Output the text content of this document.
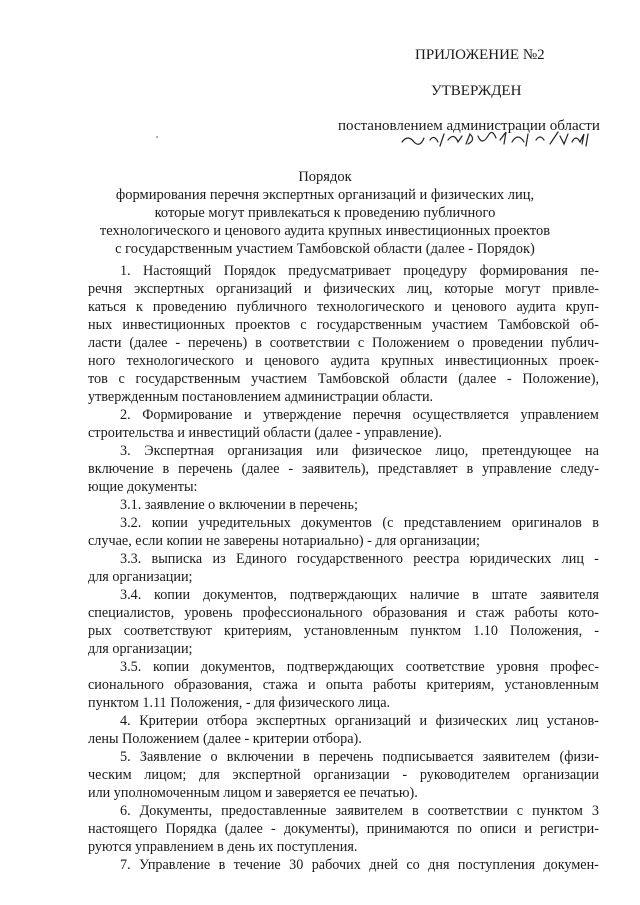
ПРИЛОЖЕНИЕ №2
УТВЕРЖДЕН
постановлением администрации области
Порядок
формирования перечня экспертных организаций и физических лиц,
которые могут привлекаться к проведению публичного
технологического и ценового аудита крупных инвестиционных проектов
с государственным участием Тамбовской области (далее - Порядок)
1. Настоящий Порядок предусматривает процедуру формирования пе-
речня экспертных организаций и физических лиц, которые могут привле-
каться к проведению публичного технологического и ценового аудита круп-
ных инвестиционных проектов с государственным участием Тамбовской об-
ласти (далее - перечень) в соответствии с Положением о проведении публич-
ного технологического и ценового аудита крупных инвестиционных проек-
тов с государственным участием Тамбовской области (далее - Положение),
утвержденным постановлением администрации области.
2. Формирование и утверждение перечня осуществляется управлением
строительства и инвестиций области (далее - управление).
3. Экспертная организация или физическое лицо, претендующее на
включение в перечень (далее - заявитель), представляет в управление следу-
ющие документы:
3.1. заявление о включении в перечень;
3.2. копии учредительных документов (с представлением оригиналов в
случае, если копии не заверены нотариально) - для организации;
3.3. выписка из Единого государственного реестра юридических лиц -
для организации;
3.4. копии документов, подтверждающих наличие в штате заявителя
специалистов, уровень профессионального образования и стаж работы кото-
рых соответствуют критериям, установленным пунктом 1.10 Положения, -
для организации;
3.5. копии документов, подтверждающих соответствие уровня профес-
сионального образования, стажа и опыта работы критериям, установленным
пунктом 1.11 Положения, - для физического лица.
4. Критерии отбора экспертных организаций и физических лиц установ-
лены Положением (далее - критерии отбора).
5. Заявление о включении в перечень подписывается заявителем (физи-
ческим лицом; для экспертной организации - руководителем организации
или уполномоченным лицом и заверяется ее печатью).
6. Документы, предоставленные заявителем в соответствии с пунктом 3
настоящего Порядка (далее - документы), принимаются по описи и регистри-
руются управлением в день их поступления.
7. Управление в течение 30 рабочих дней со дня поступления докумен-
